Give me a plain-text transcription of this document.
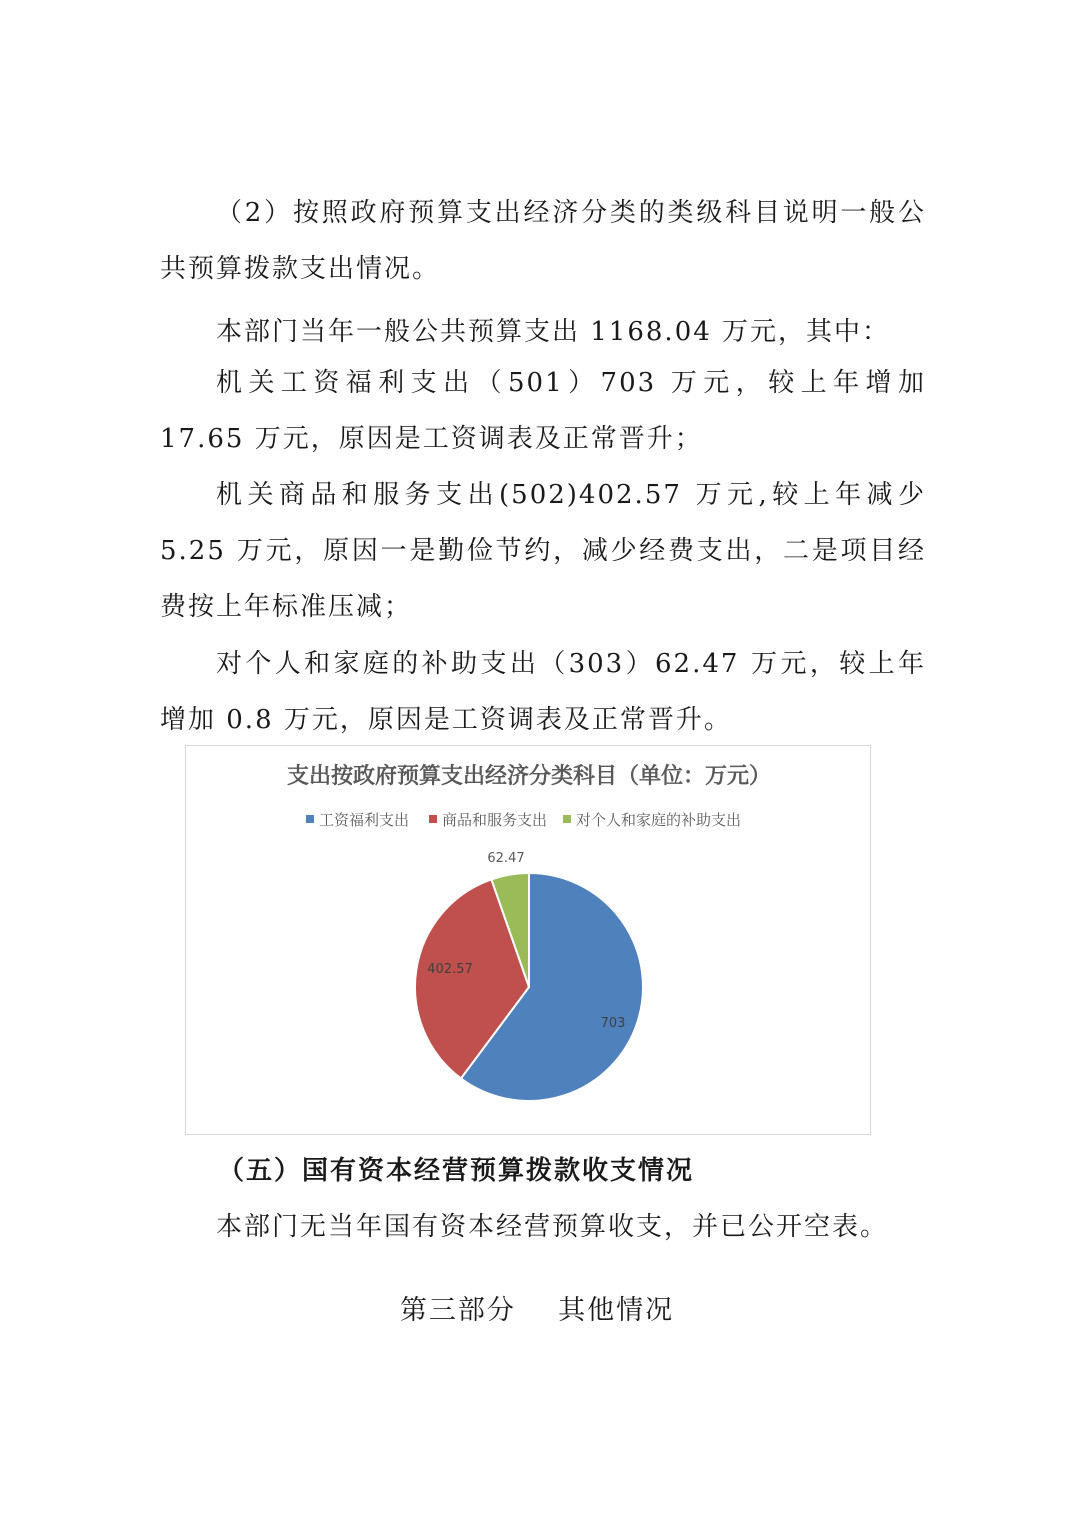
（2）按照政府预算支出经济分类的类级科目说明一般公共预算拨款支出情况。

本部门当年一般公共预算支出 1168.04 万元，其中：

机关工资福利支出（501）703 万元，较上年增加 17.65 万元，原因是工资调表及正常晋升；

机关商品和服务支出(502)402.57 万元,较上年减少 5.25 万元，原因一是勤俭节约，减少经费支出，二是项目经费按上年标准压减；

对个人和家庭的补助支出（303）62.47 万元，较上年增加 0.8 万元，原因是工资调表及正常晋升。

支出按政府预算支出经济分类科目（单位：万元）
工资福利支出 商品和服务支出 对个人和家庭的补助支出
703
402.57
62.47

（五）国有资本经营预算拨款收支情况

本部门无当年国有资本经营预算收支，并已公开空表。

第三部分    其他情况
